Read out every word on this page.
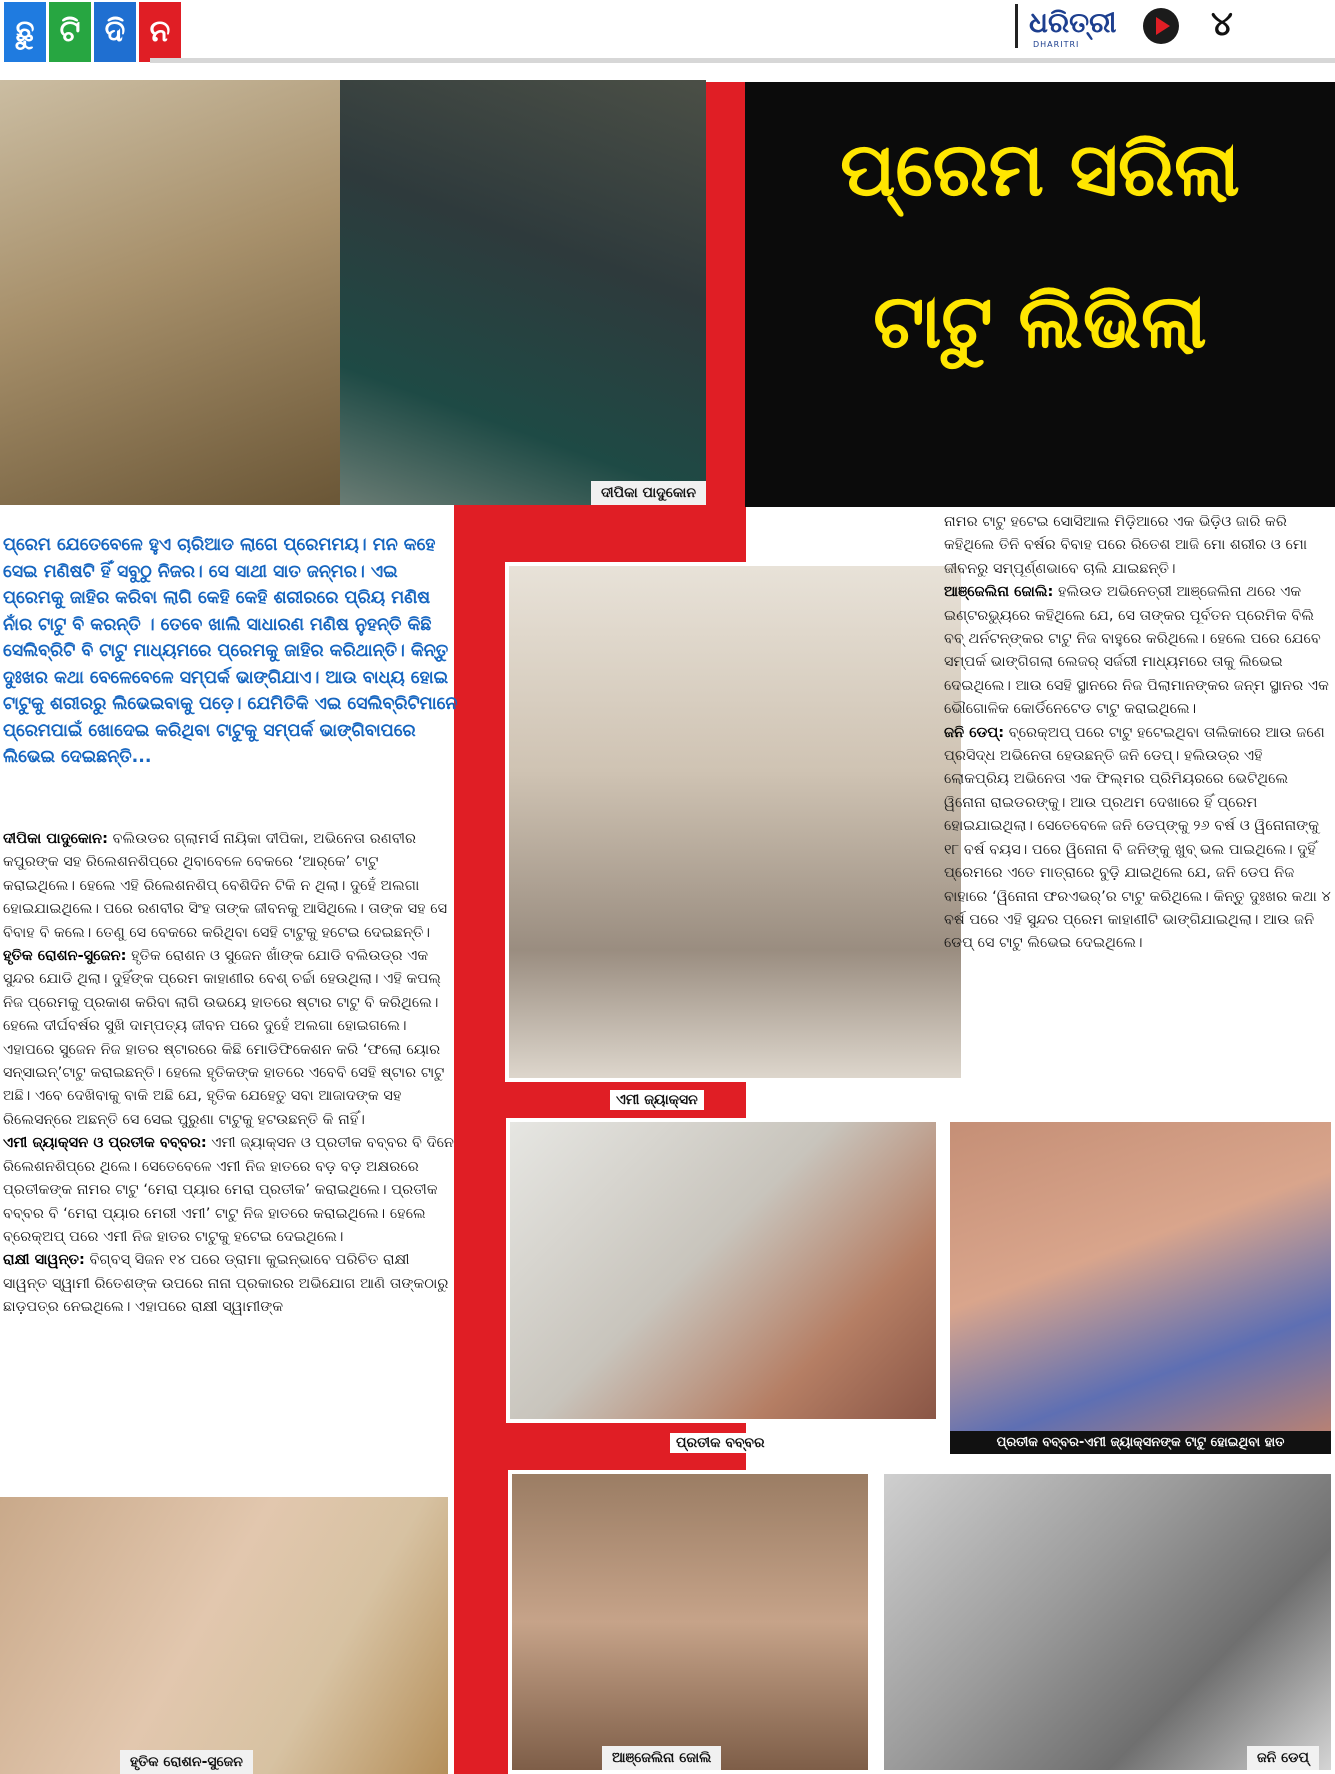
ଛୁ ଟି ଦି ନ	ଧରିତ୍ରୀ
DHARITRI
୪
ପ୍ରେମ ସରିଲା
ଟାଟୁ ଲିଭିଲା
ଦୀପିକା ପାଦୁକୋନ
ଏମୀ ଜ୍ୟାକ୍ସନ
ପ୍ରତୀକ ବବ୍ବର	ପ୍ରତୀକ ବବ୍ବର-ଏମୀ ଜ୍ୟାକ୍ସନଙ୍କ ଟାଟୁ ହୋଇଥିବା ହାତ
ହୃତିକ ରୋଶନ-ସୁଜେନ	ଆଞ୍ଜେଲିନା ଜୋଲି	ଜନି ଡେପ୍
ପ୍ରେମ ଯେତେବେଳେ ହୁଏ ଚାରିଆଡ ଲାଗେ ପ୍ରେମମୟ। ମନ କହେ ସେଇ ମଣିଷଟି ହିଁ ସବୁଠୁ ନିଜର। ସେ ସାଥୀ ସାତ ଜନ୍ମର। ଏଇ ପ୍ରେମକୁ ଜାହିର କରିବା ଲାଗି କେହି କେହି ଶରୀରରେ ପ୍ରିୟ ମଣିଷ ନାଁର ଟାଟୁ ବି କରନ୍ତି । ତେବେ ଖାଲି ସାଧାରଣ ମଣିଷ ନୁହନ୍ତି କିଛି ସେଲିବ୍ରିଟି ବି ଟାଟୁ ମାଧ୍ୟମରେ ପ୍ରେମକୁ ଜାହିର କରିଥାନ୍ତି। କିନ୍ତୁ ଦୁଃଖର କଥା ବେଳେବେଳେ ସମ୍ପର୍କ ଭାଙ୍ଗିଯାଏ। ଆଉ ବାଧ୍ୟ ହୋଇ ଟାଟୁକୁ ଶରୀରରୁ ଲିଭେଇବାକୁ ପଡ଼େ। ଯେମିତିକି ଏଇ ସେଲିବ୍ରିଟିମାନେ ପ୍ରେମପାଇଁ ଖୋଦେଇ କରିଥିବା ଟାଟୁକୁ ସମ୍ପର୍କ ଭାଙ୍ଗିବାପରେ ଲିଭେଇ ଦେଇଛନ୍ତି...

ଦୀପିକା ପାଦୁକୋନ: ବଲିଉଡର ଗ୍ଲାମର୍ସ ନାୟିକା ଦୀପିକା, ଅଭିନେତା ରଣବୀର କପୁରଙ୍କ ସହ ରିଲେଶନଶିପ୍‌ରେ ଥିବାବେଳେ ବେକରେ ‘ଆର୍‌କେ’ ଟାଟୁ କରାଇଥିଲେ। ହେଲେ ଏହି ରିଲେଶନଶିପ୍ ବେଶିଦିନ ଟିକି ନ ଥିଲା। ଦୁହେଁ ଅଲଗା ହୋଇଯାଇଥିଲେ। ପରେ ରଣବୀର ସିଂହ ତାଙ୍କ ଜୀବନକୁ ଆସିଥିଲେ। ତାଙ୍କ ସହ ସେ ବିବାହ ବି କଲେ। ତେଣୁ ସେ ବେକରେ କରିଥିବା ସେହି ଟାଟୁକୁ ହଟେଇ ଦେଇଛନ୍ତି।

ହୃତିକ ରୋଶନ-ସୁଜେନ: ହୃତିକ ରୋଶନ ଓ ସୁଜେନ ଖାଁଙ୍କ ଯୋଡି ବଲିଉଡ୍‌ର ଏକ ସୁନ୍ଦର ଯୋଡି ଥିଲା। ଦୁହିଁଙ୍କ ପ୍ରେମ କାହାଣୀର ବେଶ୍ ଚର୍ଚ୍ଚା ହେଉଥିଲା। ଏହି କପଲ୍ ନିଜ ପ୍ରେମକୁ ପ୍ରକାଶ କରିବା ଲାଗି ଉଭୟେ ହାତରେ ଷ୍ଟାର ଟାଟୁ ବି କରିଥିଲେ। ହେଲେ ଦୀର୍ଘବର୍ଷର ସୁଖି ଦାମ୍ପତ୍ୟ ଜୀବନ ପରେ ଦୁହେଁ ଅଲଗା ହୋଇଗଲେ। ଏହାପରେ ସୁଜେନ ନିଜ ହାତର ଷ୍ଟାରରେ କିଛି ମୋଡିଫିକେଶନ କରି ‘ଫଲୋ ୟୋର ସନ୍‌ସାଇନ୍’ଟାଟୁ କରାଇଛନ୍ତି। ହେଲେ ହୃତିକଙ୍କ ହାତରେ ଏବେବି ସେହି ଷ୍ଟାର ଟାଟୁ ଅଛି। ଏବେ ଦେଖିବାକୁ ବାକି ଅଛି ଯେ, ହୃତିକ ଯେହେତୁ ସବା ଆଜାଦଙ୍କ ସହ ରିଲେସନ୍‌ରେ ଅଛନ୍ତି ସେ ସେଇ ପୁରୁଣା ଟାଟୁକୁ ହଟଉଛନ୍ତି କି ନାହିଁ।

ଏମୀ ଜ୍ୟାକ୍ସନ ଓ ପ୍ରତୀକ ବବ୍ବର: ଏମୀ ଜ୍ୟାକ୍ସନ ଓ ପ୍ରତୀକ ବବ୍ବର ବି ଦିନେ ରିଲେଶନଶିପ୍‌ରେ ଥିଲେ। ସେତେବେଳେ ଏମୀ ନିଜ ହାତରେ ବଡ଼ ବଡ଼ ଅକ୍ଷରରେ ପ୍ରତୀକଙ୍କ ନାମର ଟାଟୁ ‘ମେରା ପ୍ୟାର ମେରା ପ୍ରତୀକ’ କରାଇଥିଲେ। ପ୍ରତୀକ ବବ୍ବର ବି ‘ମେରା ପ୍ୟାର ମେରୀ ଏମୀ’ ଟାଟୁ ନିଜ ହାତରେ କରାଇଥିଲେ। ହେଲେ ବ୍ରେକ୍‌ଅପ୍ ପରେ ଏମୀ ନିଜ ହାତର ଟାଟୁକୁ ହଟେଇ ଦେଇଥିଲେ।

ରାକ୍ଷୀ ସାୱନ୍ତ: ବିଗ୍‌ବସ୍ ସିଜନ ୧୪ ପରେ ଡ୍ରାମା କୁଇନ୍‌ଭାବେ ପରିଚିତ ରାକ୍ଷୀ ସାୱନ୍ତ ସ୍ୱାମୀ ରିତେଶଙ୍କ ଉପରେ ନାନା ପ୍ରକାରର ଅଭିଯୋଗ ଆଣି ତାଙ୍କଠାରୁ ଛାଡ଼ପତ୍ର ନେଇଥିଲେ। ଏହାପରେ ରାକ୍ଷୀ ସ୍ୱାମୀଙ୍କ

ନାମର ଟାଟୁ ହଟେଇ ସୋସିଆଲ ମିଡ଼ିଆରେ ଏକ ଭିଡ଼ିଓ ଜାରି କରି କହିଥିଲେ ତିନି ବର୍ଷର ବିବାହ ପରେ ରିତେଶ ଆଜି ମୋ ଶରୀର ଓ ମୋ ଜୀବନରୁ ସମ୍ପୂର୍ଣ୍ଣଭାବେ ଚାଲି ଯାଇଛନ୍ତି।

ଆଞ୍ଜେଲିନା ଜୋଲି: ହଲିଉଡ ଅଭିନେତ୍ରୀ ଆଞ୍ଜେଲିନା ଥରେ ଏକ ଇଣ୍ଟରଭ୍ୟୁରେ କହିଥିଲେ ଯେ, ସେ ତାଙ୍କର ପୂର୍ବତନ ପ୍ରେମିକ ବିଲି ବବ୍ ଥର୍ନଟନ୍‌ଙ୍କର ଟାଟୁ ନିଜ ବାହୁରେ କରିଥିଲେ। ହେଲେ ପରେ ଯେବେ ସମ୍ପର୍କ ଭାଙ୍ଗିଗଲା ଲେଜର୍ ସର୍ଜରୀ ମାଧ୍ୟମରେ ତାକୁ ଲିଭେଇ ଦେଇଥିଲେ। ଆଉ ସେହି ସ୍ଥାନରେ ନିଜ ପିଲାମାନଙ୍କର ଜନ୍ମ ସ୍ଥାନର ଏକ ଭୌଗୋଳିକ କୋର୍ଡିନେଟେଡ ଟାଟୁ କରାଇଥିଲେ।

ଜନି ଡେପ୍: ବ୍ରେକ୍‌ଅପ୍ ପରେ ଟାଟୁ ହଟେଇଥିବା ତାଲିକାରେ ଆଉ ଜଣେ ପ୍ରସିଦ୍ଧ ଅଭିନେତା ହେଉଛନ୍ତି ଜନି ଡେପ୍। ହଲିଉଡ୍‌ର ଏହି ଲୋକପ୍ରିୟ ଅଭିନେତା ଏକ ଫିଲ୍ମର ପ୍ରିମିୟରରେ ଭେଟିଥିଲେ ୱିନୋନା ରାଇଡରଙ୍କୁ। ଆଉ ପ୍ରଥମ ଦେଖାରେ ହିଁ ପ୍ରେମ ହୋଇଯାଇଥିଲା। ସେତେବେଳେ ଜନି ଡେପ୍‌ଙ୍କୁ ୨୬ ବର୍ଷ ଓ ୱିନୋନାଙ୍କୁ ୧୮ ବର୍ଷ ବୟସ। ପରେ ୱିନୋନା ବି ଜନିଙ୍କୁ ଖୁବ୍ ଭଲ ପାଇଥିଲେ। ଦୁହିଁ ପ୍ରେମରେ ଏତେ ମାତ୍ରାରେ ବୁଡ଼ି ଯାଇଥିଲେ ଯେ, ଜନି ଡେପ ନିଜ ବାହାରେ ‘ୱିନୋନା ଫରଏଭର୍’ର ଟାଟୁ କରିଥିଲେ। କିନ୍ତୁ ଦୁଃଖର କଥା ୪ ବର୍ଷ ପରେ ଏହି ସୁନ୍ଦର ପ୍ରେମ କାହାଣୀଟି ଭାଙ୍ଗିଯାଇଥିଲା। ଆଉ ଜନି ଡେପ୍ ସେ ଟାଟୁ ଲିଭେଇ ଦେଇଥିଲେ।
